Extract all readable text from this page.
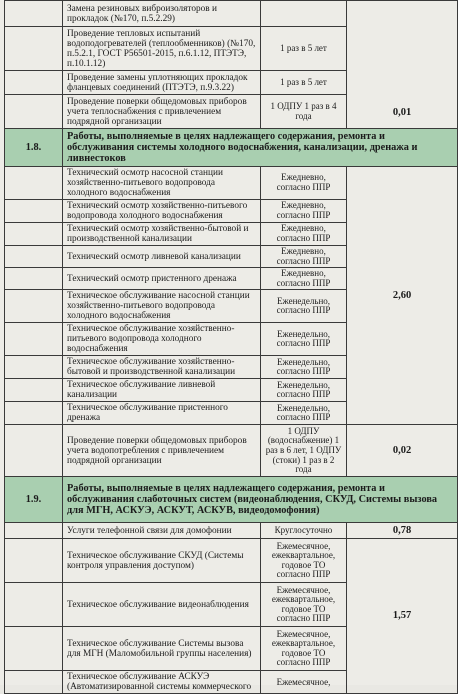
	Замена резиновых виброизоляторов и прокладок (№170, п.5.2.29)		0,01
	Проведение тепловых испытаний водоподогревателей (теплообменников) (№170, п.5.2.1, ГОСТ Р56501-2015, п.6.1.12, ПТЭТЭ, п.10.1.12)	1 раз в 5 лет	
	Проведение замены уплотняющих прокладок фланцевых соединений (ПТЭТЭ, п.9.3.22)	1 раз в 5 лет	
	Проведение поверки общедомовых приборов учета теплоснабжения с привлечением подрядной организации	1 ОДПУ 1 раз в 4 года	
1.8.	Работы, выполняемые в целях надлежащего содержания, ремонта и обслуживания системы холодного водоснабжения, канализации, дренажа и ливнестоков		
	Технический осмотр насосной станции хозяйственно-питьевого водопровода холодного водоснабжения	Ежедневно, согласно ППР	2,60
	Технический осмотр хозяйственно-питьевого водопровода холодного водоснабжения	Ежедневно, согласно ППР	
	Технический осмотр хозяйственно-бытовой и производственной канализации	Ежедневно, согласно ППР	
	Технический осмотр ливневой канализации	Ежедневно, согласно ППР	
	Технический осмотр пристенного дренажа	Ежедневно, согласно ППР	
	Техническое обслуживание насосной станции хозяйственно-питьевого водопровода холодного водоснабжения	Еженедельно, согласно ППР	
	Техническое обслуживание хозяйственно-питьевого водопровода холодного водоснабжения	Еженедельно, согласно ППР	
	Техническое обслуживание хозяйственно-бытовой и производственной канализации	Еженедельно, согласно ППР	
	Техническое обслуживание ливневой канализации	Еженедельно, согласно ППР	
	Техническое обслуживание пристенного дренажа	Еженедельно, согласно ППР	
	Проведение поверки общедомовых приборов учета водопотребления с привлечением подрядной организации	1 ОДПУ (водоснабжение) 1 раз в 6 лет, 1 ОДПУ (стоки) 1 раз в 2 года	0,02
1.9.	Работы, выполняемые в целях надлежащего содержания, ремонта и обслуживания слаботочных систем (видеонаблюдения, СКУД, Системы вызова для МГН, АСКУЭ, АСКУТ, АСКУВ, видеодомофония)		
	Услуги телефонной связи для домофонии	Круглосуточно	0,78
	Техническое обслуживание СКУД (Системы контроля управления доступом)	Ежемесячное, ежеквартальное, годовое ТО согласно ППР	1,57
	Техническое обслуживание видеонаблюдения	Ежемесячное, ежеквартальное, годовое ТО согласно ППР	
	Техническое обслуживание Системы вызова для МГН (Маломобильной группы населения)	Ежемесячное, ежеквартальное, годовое ТО согласно ППР	
	Техническое обслуживание АСКУЭ (Автоматизированной системы коммерческого	Ежемесячное,	
